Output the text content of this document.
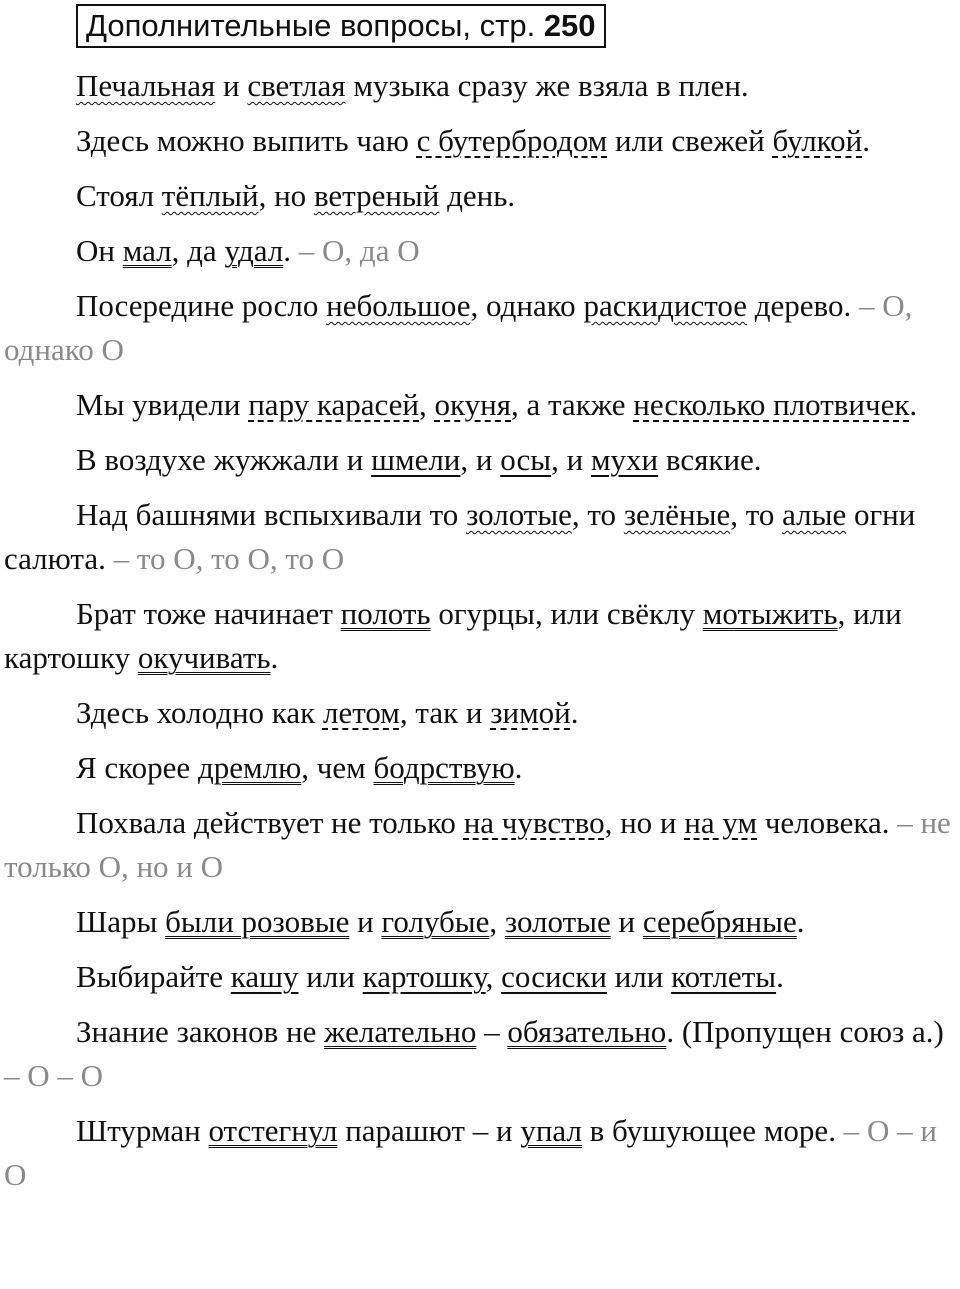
Дополнительные вопросы, стр. 250

Печальная и светлая музыка сразу же взяла в плен.

Здесь можно выпить чаю с бутербродом или свежей булкой.

Стоял тёплый, но ветреный день.

Он мал, да удал. – О, да О

Посередине росло небольшое, однако раскидистое дерево. – О, однако О

Мы увидели пару карасей, окуня, а также несколько плотвичек.

В воздухе жужжали и шмели, и осы, и мухи всякие.

Над башнями вспыхивали то золотые, то зелёные, то алые огни салюта. – то О, то О, то О

Брат тоже начинает полоть огурцы, или свёклу мотыжить, или картошку окучивать.

Здесь холодно как летом, так и зимой.

Я скорее дремлю, чем бодрствую.

Похвала действует не только на чувство, но и на ум человека. – не только О, но и О

Шары были розовые и голубые, золотые и серебряные.

Выбирайте кашу или картошку, сосиски или котлеты.

Знание законов не желательно – обязательно. (Пропущен союз а.) – О – О

Штурман отстегнул парашют – и упал в бушующее море. – О – и О
